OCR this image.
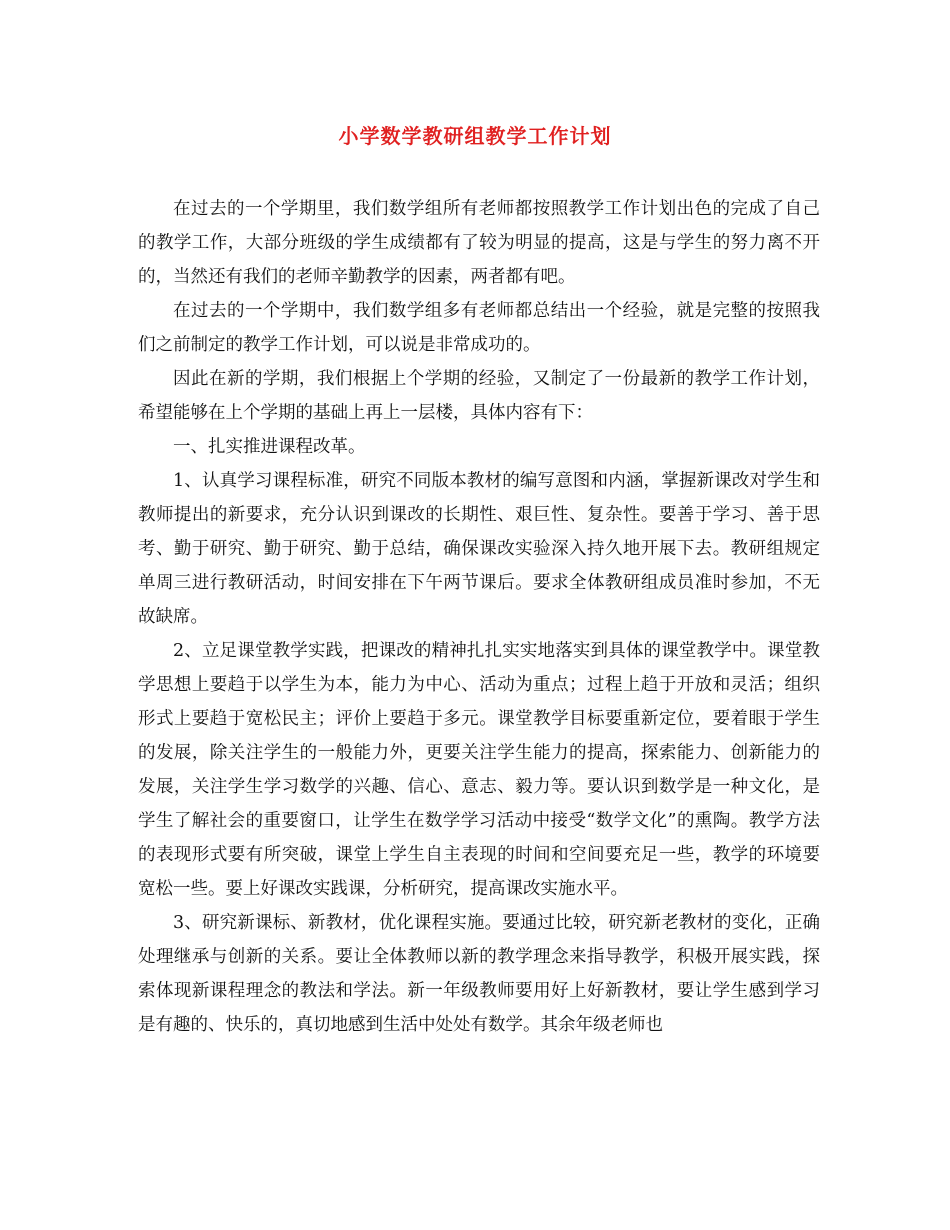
小学数学教研组教学工作计划

在过去的一个学期里，我们数学组所有老师都按照教学工作计划出色的完成了自己的教学工作，大部分班级的学生成绩都有了较为明显的提高，这是与学生的努力离不开的，当然还有我们的老师辛勤教学的因素，两者都有吧。

在过去的一个学期中，我们数学组多有老师都总结出一个经验，就是完整的按照我们之前制定的教学工作计划，可以说是非常成功的。

因此在新的学期，我们根据上个学期的经验，又制定了一份最新的教学工作计划，希望能够在上个学期的基础上再上一层楼，具体内容有下：

一、扎实推进课程改革。

1、认真学习课程标准，研究不同版本教材的编写意图和内涵，掌握新课改对学生和教师提出的新要求，充分认识到课改的长期性、艰巨性、复杂性。要善于学习、善于思考、勤于研究、勤于研究、勤于总结，确保课改实验深入持久地开展下去。教研组规定单周三进行教研活动，时间安排在下午两节课后。要求全体教研组成员准时参加，不无故缺席。

2、立足课堂教学实践，把课改的精神扎扎实实地落实到具体的课堂教学中。课堂教学思想上要趋于以学生为本，能力为中心、活动为重点；过程上趋于开放和灵活；组织形式上要趋于宽松民主；评价上要趋于多元。课堂教学目标要重新定位，要着眼于学生的发展，除关注学生的一般能力外，更要关注学生能力的提高，探索能力、创新能力的发展，关注学生学习数学的兴趣、信心、意志、毅力等。要认识到数学是一种文化，是学生了解社会的重要窗口，让学生在数学学习活动中接受“数学文化”的熏陶。教学方法的表现形式要有所突破，课堂上学生自主表现的时间和空间要充足一些，教学的环境要宽松一些。要上好课改实践课，分析研究，提高课改实施水平。

3、研究新课标、新教材，优化课程实施。要通过比较，研究新老教材的变化，正确处理继承与创新的关系。要让全体教师以新的教学理念来指导教学，积极开展实践，探索体现新课程理念的教法和学法。新一年级教师要用好上好新教材，要让学生感到学习是有趣的、快乐的，真切地感到生活中处处有数学。其余年级老师也
